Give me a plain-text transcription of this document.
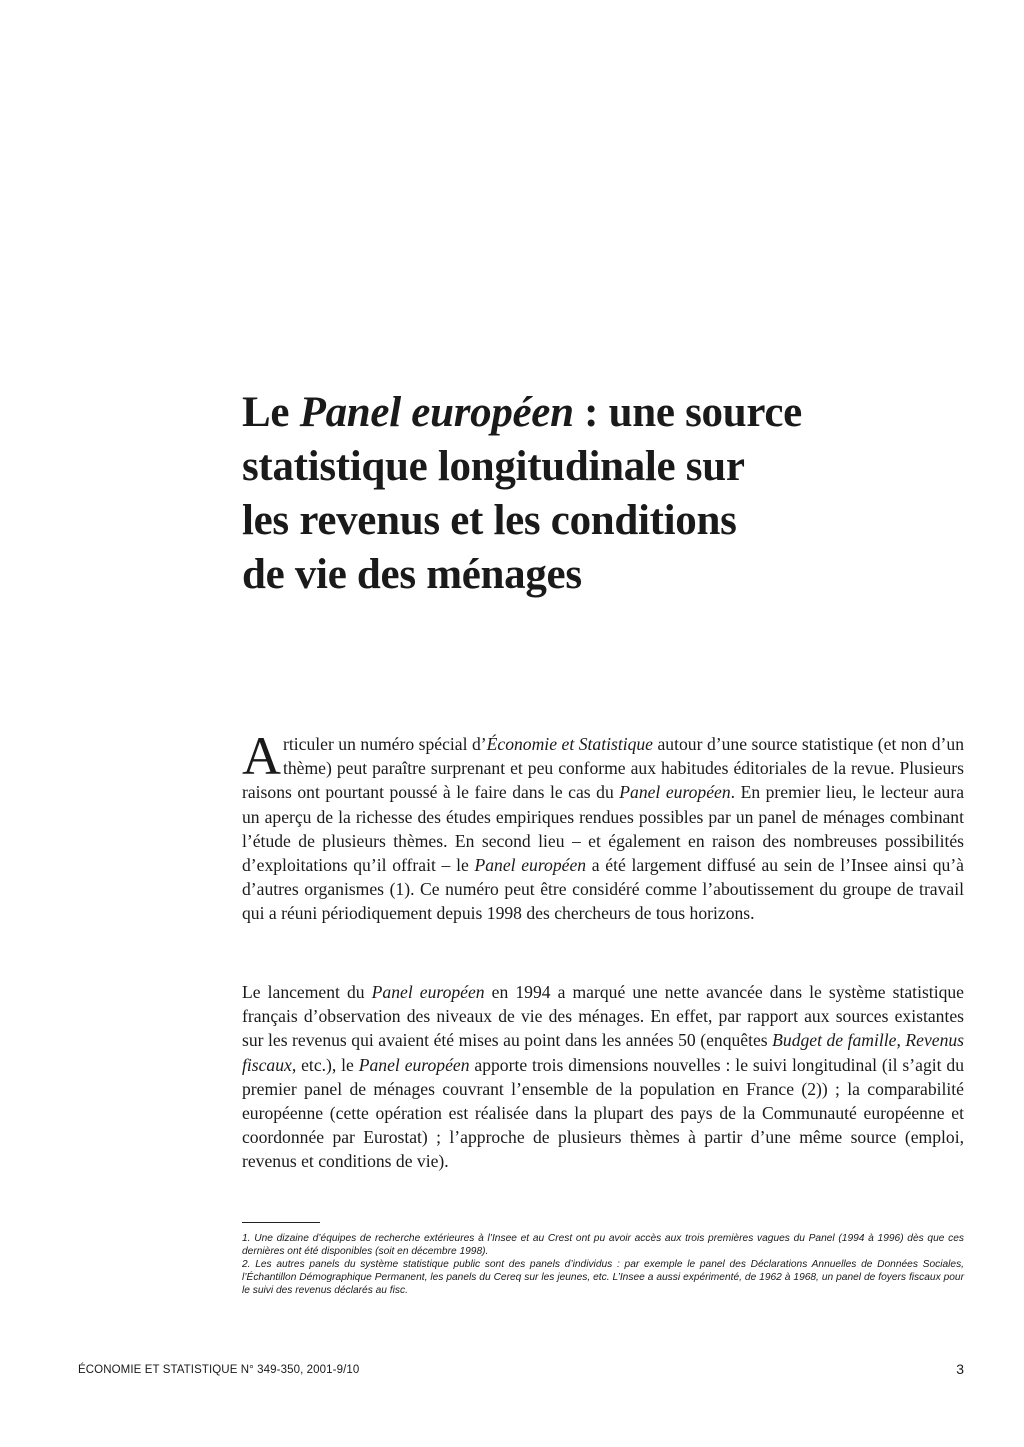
Le Panel européen : une source
statistique longitudinale sur
les revenus et les conditions
de vie des ménages

Articuler un numéro spécial d’Économie et Statistique autour d’une source statistique (et non d’un thème) peut paraître surprenant et peu conforme aux habitudes éditoriales de la revue. Plusieurs raisons ont pourtant poussé à le faire dans le cas du Panel européen. En premier lieu, le lecteur aura un aperçu de la richesse des études empiriques rendues possibles par un panel de ménages combinant l’étude de plusieurs thèmes. En second lieu – et également en raison des nombreuses possibilités d’exploitations qu’il offrait – le Panel européen a été largement diffusé au sein de l’Insee ainsi qu’à d’autres organismes (1). Ce numéro peut être considéré comme l’aboutissement du groupe de travail qui a réuni périodiquement depuis 1998 des chercheurs de tous horizons.

Le lancement du Panel européen en 1994 a marqué une nette avancée dans le système statistique français d’observation des niveaux de vie des ménages. En effet, par rapport aux sources existantes sur les revenus qui avaient été mises au point dans les années 50 (enquêtes Budget de famille, Revenus fiscaux, etc.), le Panel européen apporte trois dimensions nouvelles : le suivi longitudinal (il s’agit du premier panel de ménages couvrant l’ensemble de la population en France (2)) ; la comparabilité européenne (cette opération est réalisée dans la plupart des pays de la Communauté européenne et coordonnée par Eurostat) ; l’approche de plusieurs thèmes à partir d’une même source (emploi, revenus et conditions de vie).

1. Une dizaine d’équipes de recherche extérieures à l’Insee et au Crest ont pu avoir accès aux trois premières vagues du Panel (1994 à 1996) dès que ces dernières ont été disponibles (soit en décembre 1998).

2. Les autres panels du système statistique public sont des panels d’individus : par exemple le panel des Déclarations Annuelles de Données Sociales, l’Échantillon Démographique Permanent, les panels du Cereq sur les jeunes, etc. L’Insee a aussi expérimenté, de 1962 à 1968, un panel de foyers fiscaux pour le suivi des revenus déclarés au fisc.

ÉCONOMIE ET STATISTIQUE N° 349-350, 2001-9/10	3
